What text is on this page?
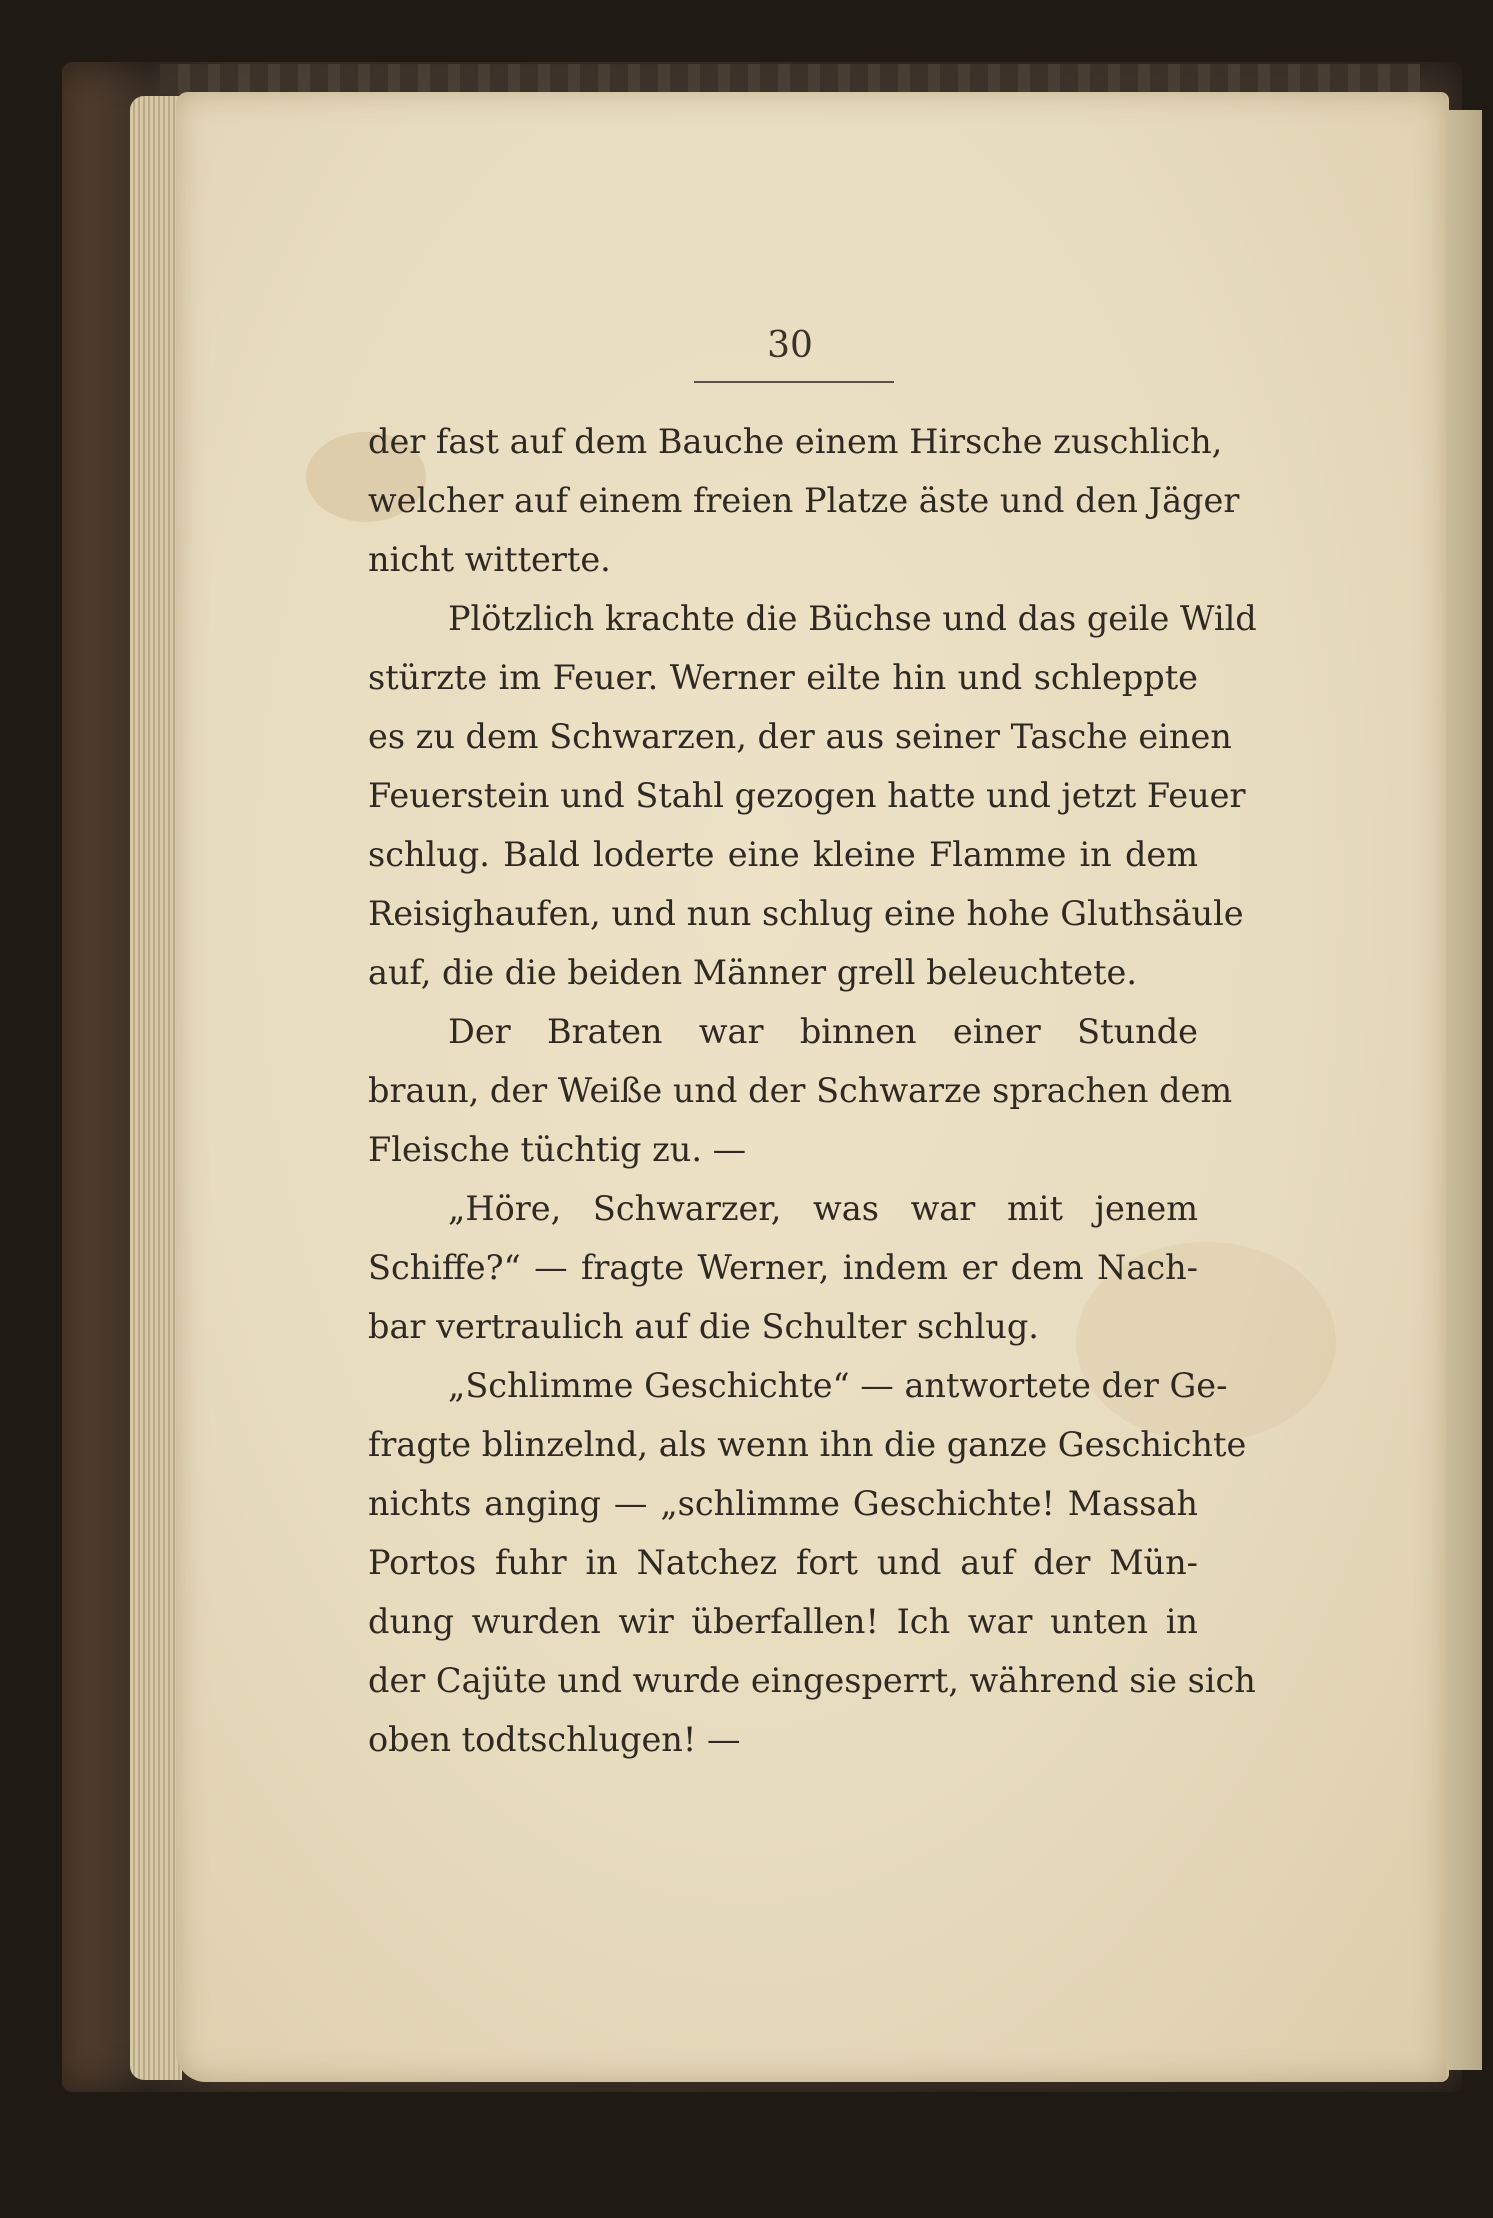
30
der fast auf dem Bauche einem Hirsche zuschlich,
welcher auf einem freien Platze äste und den Jäger
nicht witterte.
Plötzlich krachte die Büchse und das geile Wild
stürzte im Feuer. Werner eilte hin und schleppte
es zu dem Schwarzen, der aus seiner Tasche einen
Feuerstein und Stahl gezogen hatte und jetzt Feuer
schlug. Bald loderte eine kleine Flamme in dem
Reisighaufen, und nun schlug eine hohe Gluthsäule
auf, die die beiden Männer grell beleuchtete.
Der Braten war binnen einer Stunde
braun, der Weiße und der Schwarze sprachen dem
Fleische tüchtig zu. —
„Höre, Schwarzer, was war mit jenem
Schiffe?“ — fragte Werner, indem er dem Nach-
bar vertraulich auf die Schulter schlug.
„Schlimme Geschichte“ — antwortete der Ge-
fragte blinzelnd, als wenn ihn die ganze Geschichte
nichts anging — „schlimme Geschichte! Massah
Portos fuhr in Natchez fort und auf der Mün-
dung wurden wir überfallen! Ich war unten in
der Cajüte und wurde eingesperrt, während sie sich
oben todtschlugen! —
